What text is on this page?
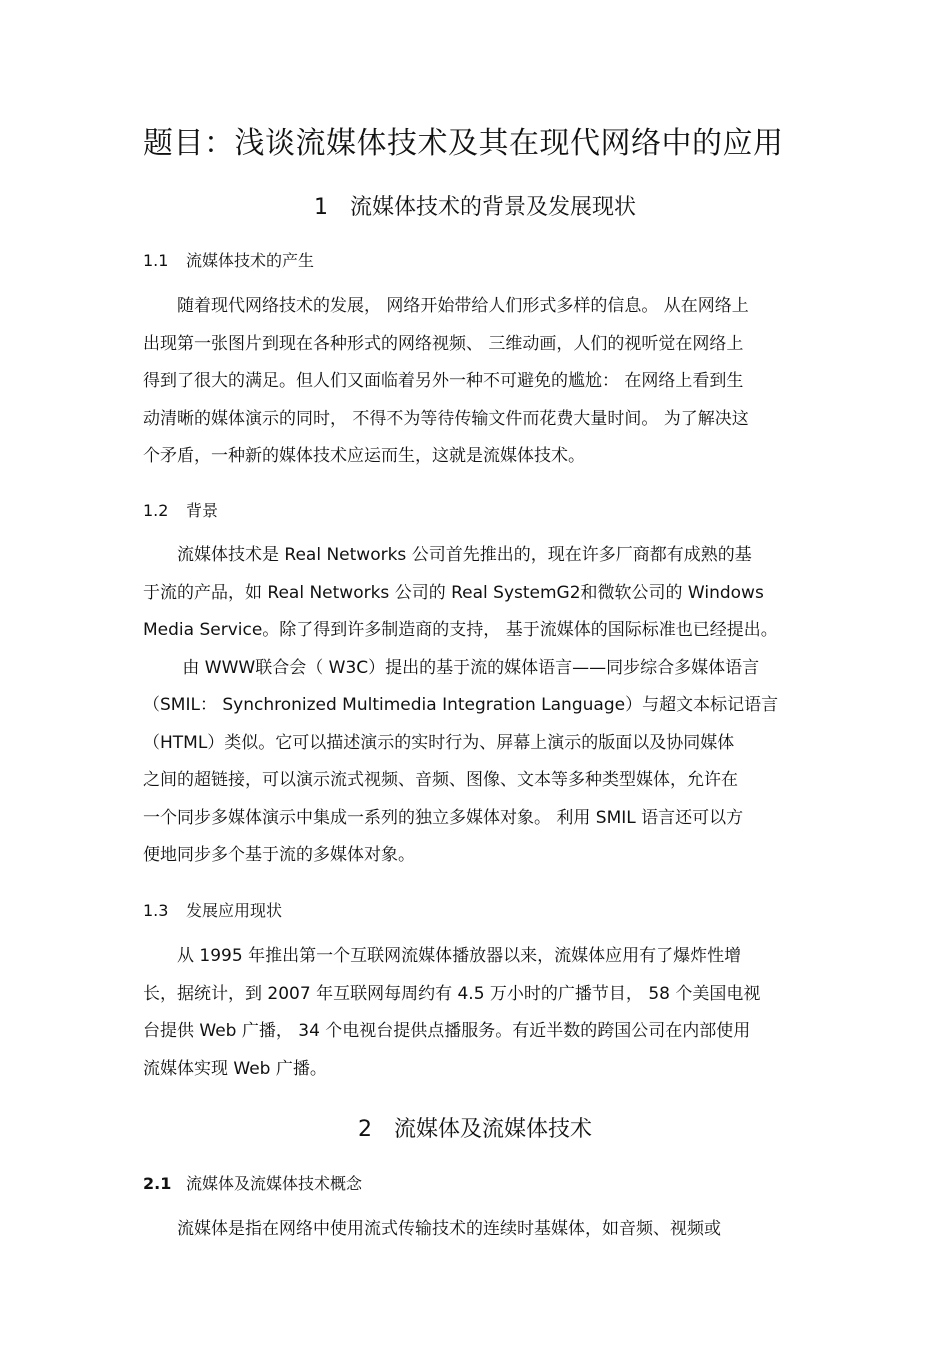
题目：浅谈流媒体技术及其在现代网络中的应用
1 流媒体技术的背景及发展现状
1.1 流媒体技术的产生
　　随着现代网络技术的发展， 网络开始带给人们形式多样的信息。 从在网络上
出现第一张图片到现在各种形式的网络视频、 三维动画，人们的视听觉在网络上
得到了很大的满足。但人们又面临着另外一种不可避免的尴尬： 在网络上看到生
动清晰的媒体演示的同时， 不得不为等待传输文件而花费大量时间。 为了解决这
个矛盾，一种新的媒体技术应运而生，这就是流媒体技术。
1.2 背景
　　流媒体技术是 Real Networks 公司首先推出的，现在许多厂商都有成熟的基
于流的产品，如 Real Networks 公司的 Real SystemG2和微软公司的 Windows
Media Service。除了得到许多制造商的支持， 基于流媒体的国际标准也已经提出。
　　 由 WWW联合会（ W3C）提出的基于流的媒体语言——同步综合多媒体语言
（SMIL： Synchronized Multimedia Integration Language）与超文本标记语言
（HTML）类似。它可以描述演示的实时行为、屏幕上演示的版面以及协同媒体
之间的超链接，可以演示流式视频、音频、图像、文本等多种类型媒体，允许在
一个同步多媒体演示中集成一系列的独立多媒体对象。 利用 SMIL 语言还可以方
便地同步多个基于流的多媒体对象。
1.3 发展应用现状
　　从 1995 年推出第一个互联网流媒体播放器以来，流媒体应用有了爆炸性增
长，据统计，到 2007 年互联网每周约有 4.5 万小时的广播节目， 58 个美国电视
台提供 Web 广播， 34 个电视台提供点播服务。有近半数的跨国公司在内部使用
流媒体实现 Web 广播。
2 流媒体及流媒体技术
2.1 流媒体及流媒体技术概念
　　流媒体是指在网络中使用流式传输技术的连续时基媒体，如音频、视频或
